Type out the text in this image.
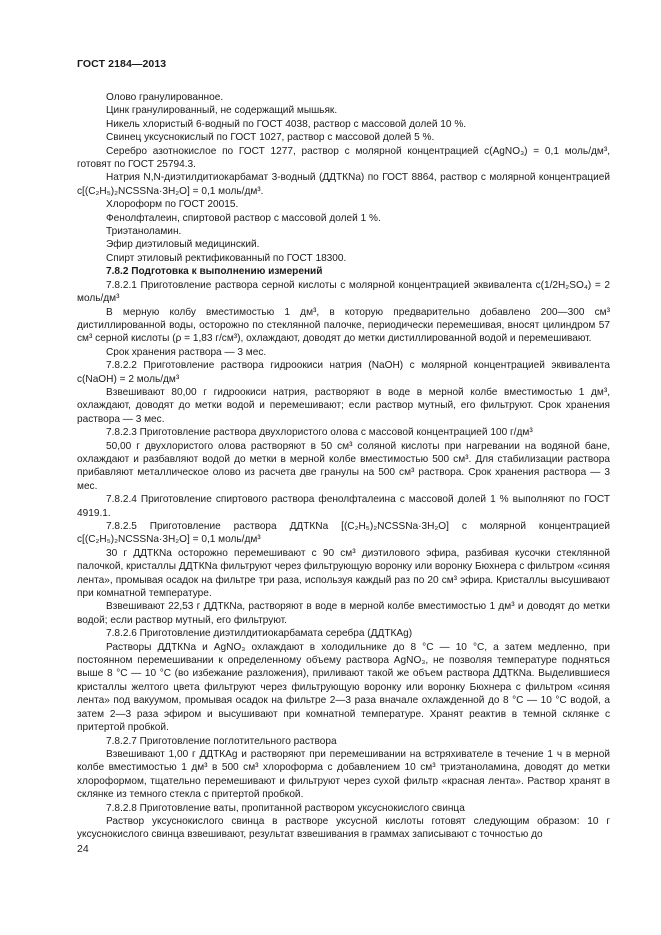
ГОСТ 2184—2013

Олово гранулированное.

Цинк гранулированный, не содержащий мышьяк.

Никель хлористый 6-водный по ГОСТ 4038, раствор с массовой долей 10 %.

Свинец уксуснокислый по ГОСТ 1027, раствор с массовой долей 5 %.

Серебро азотнокислое по ГОСТ 1277, раствор с молярной концентрацией c(AgNO₃) = 0,1 моль/дм³, готовят по ГОСТ 25794.3.

Натрия N,N-диэтилдитиокарбамат 3-водный (ДДТКNa) по ГОСТ 8864, раствор с молярной концентрацией c[(C₂H₅)₂NCSSNa·3H₂O] = 0,1 моль/дм³.

Хлороформ по ГОСТ 20015.

Фенолфталеин, спиртовой раствор с массовой долей 1 %.

Триэтаноламин.

Эфир диэтиловый медицинский.

Спирт этиловый ректификованный по ГОСТ 18300.

7.8.2 Подготовка к выполнению измерений

7.8.2.1 Приготовление раствора серной кислоты с молярной концентрацией эквивалента c(1/2H₂SO₄) = 2 моль/дм³

В мерную колбу вместимостью 1 дм³, в которую предварительно добавлено 200—300 см³ дистиллированной воды, осторожно по стеклянной палочке, периодически перемешивая, вносят цилиндром 57 см³ серной кислоты (ρ = 1,83 г/см³), охлаждают, доводят до метки дистиллированной водой и перемешивают.

Срок хранения раствора — 3 мес.

7.8.2.2 Приготовление раствора гидроокиси натрия (NaOH) с молярной концентрацией эквивалента c(NaOH) = 2 моль/дм³

Взвешивают 80,00 г гидроокиси натрия, растворяют в воде в мерной колбе вместимостью 1 дм³, охлаждают, доводят до метки водой и перемешивают; если раствор мутный, его фильтруют. Срок хранения раствора — 3 мес.

7.8.2.3 Приготовление раствора двухлористого олова с массовой концентрацией 100 г/дм³

50,00 г двухлористого олова растворяют в 50 см³ соляной кислоты при нагревании на водяной бане, охлаждают и разбавляют водой до метки в мерной колбе вместимостью 500 см³. Для стабилизации раствора прибавляют металлическое олово из расчета две гранулы на 500 см³ раствора. Срок хранения раствора — 3 мес.

7.8.2.4 Приготовление спиртового раствора фенолфталеина с массовой долей 1 % выполняют по ГОСТ 4919.1.

7.8.2.5 Приготовление раствора ДДТКNa [(C₂H₅)₂NCSSNa·3H₂O] с молярной концентрацией c[(C₂H₅)₂NCSSNa·3H₂O] = 0,1 моль/дм³

30 г ДДТКNa осторожно перемешивают с 90 см³ диэтилового эфира, разбивая кусочки стеклянной палочкой, кристаллы ДДТКNa фильтруют через фильтрующую воронку или воронку Бюхнера с фильтром «синяя лента», промывая осадок на фильтре три раза, используя каждый раз по 20 см³ эфира. Кристаллы высушивают при комнатной температуре.

Взвешивают 22,53 г ДДТКNa, растворяют в воде в мерной колбе вместимостью 1 дм³ и доводят до метки водой; если раствор мутный, его фильтруют.

7.8.2.6 Приготовление диэтилдитиокарбамата серебра (ДДТКAg)

Растворы ДДТКNa и AgNO₃ охлаждают в холодильнике до 8 °C — 10 °C, а затем медленно, при постоянном перемешивании к определенному объему раствора AgNO₃, не позволяя температуре подняться выше 8 °C — 10 °C (во избежание разложения), приливают такой же объем раствора ДДТКNa. Выделившиеся кристаллы желтого цвета фильтруют через фильтрующую воронку или воронку Бюхнера с фильтром «синяя лента» под вакуумом, промывая осадок на фильтре 2—3 раза вначале охлажденной до 8 °C — 10 °C водой, а затем 2—3 раза эфиром и высушивают при комнатной температуре. Хранят реактив в темной склянке с притертой пробкой.

7.8.2.7 Приготовление поглотительного раствора

Взвешивают 1,00 г ДДТКAg и растворяют при перемешивании на встряхивателе в течение 1 ч в мерной колбе вместимостью 1 дм³ в 500 см³ хлороформа с добавлением 10 см³ триэтаноламина, доводят до метки хлороформом, тщательно перемешивают и фильтруют через сухой фильтр «красная лента». Раствор хранят в склянке из темного стекла с притертой пробкой.

7.8.2.8 Приготовление ваты, пропитанной раствором уксуснокислого свинца

Раствор уксуснокислого свинца в растворе уксусной кислоты готовят следующим образом: 10 г уксуснокислого свинца взвешивают, результат взвешивания в граммах записывают с точностью до

24
